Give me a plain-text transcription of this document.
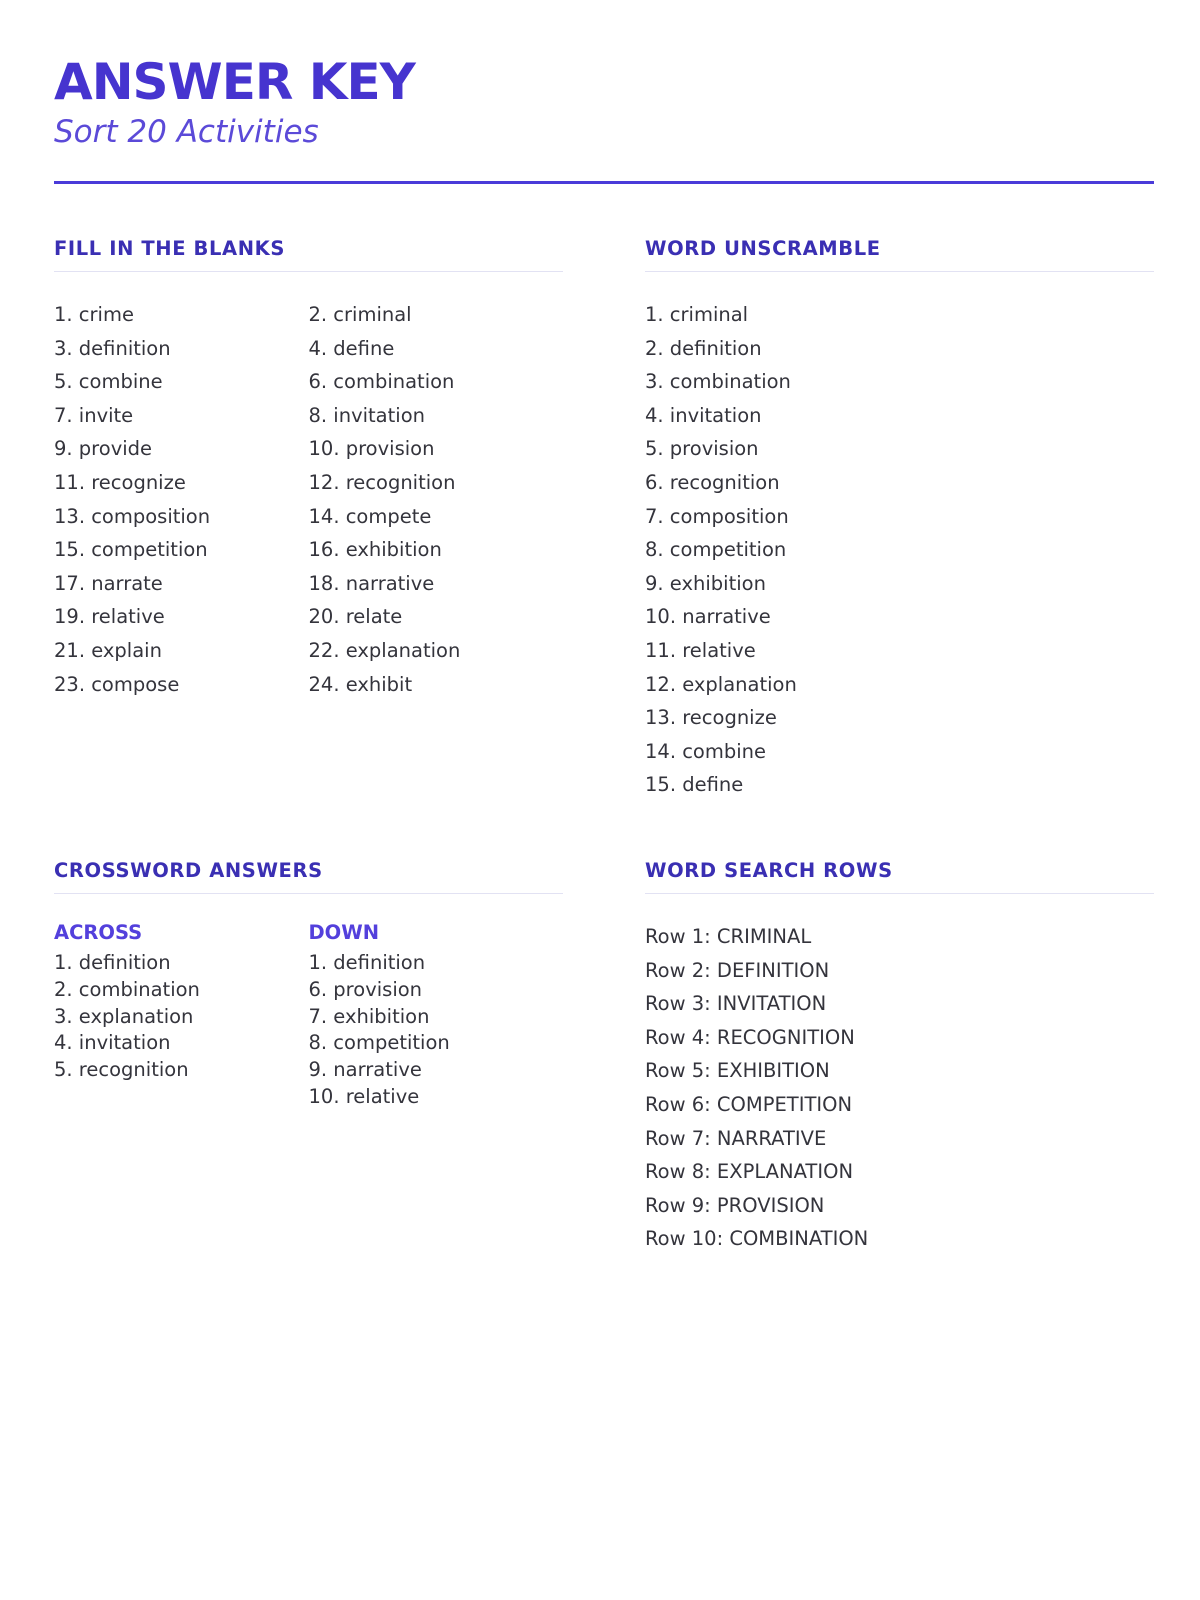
ANSWER KEY
Sort 20 Activities
FILL IN THE BLANKS
1. crime
3. definition
5. combine
7. invite
9. provide
11. recognize
13. composition
15. competition
17. narrate
19. relative
21. explain
23. compose
2. criminal
4. define
6. combination
8. invitation
10. provision
12. recognition
14. compete
16. exhibition
18. narrative
20. relate
22. explanation
24. exhibit
WORD UNSCRAMBLE
1. criminal
2. definition
3. combination
4. invitation
5. provision
6. recognition
7. composition
8. competition
9. exhibition
10. narrative
11. relative
12. explanation
13. recognize
14. combine
15. define
CROSSWORD ANSWERS
ACROSS
1. definition
2. combination
3. explanation
4. invitation
5. recognition
DOWN
1. definition
6. provision
7. exhibition
8. competition
9. narrative
10. relative
WORD SEARCH ROWS
Row 1: CRIMINAL
Row 2: DEFINITION
Row 3: INVITATION
Row 4: RECOGNITION
Row 5: EXHIBITION
Row 6: COMPETITION
Row 7: NARRATIVE
Row 8: EXPLANATION
Row 9: PROVISION
Row 10: COMBINATION
